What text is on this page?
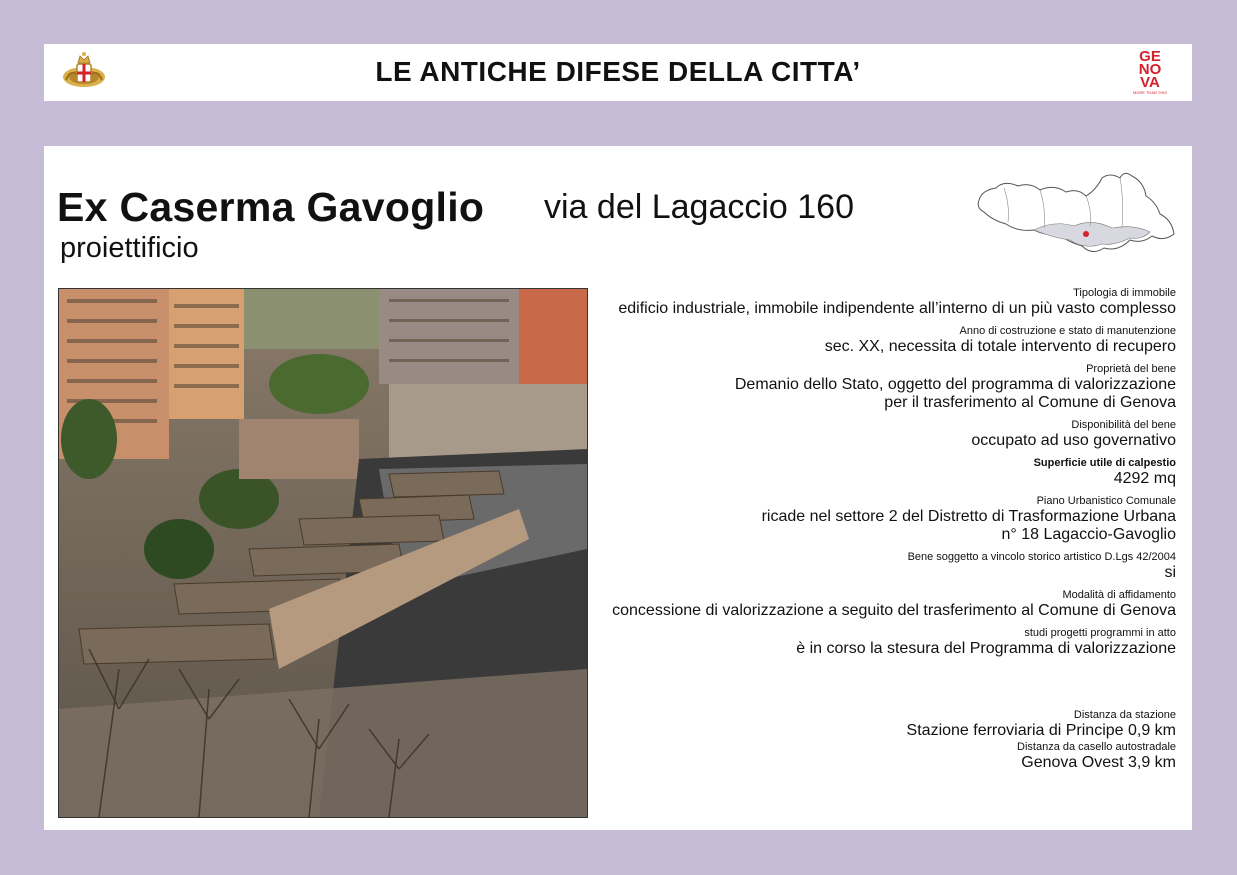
LE ANTICHE DIFESE DELLA CITTA’	GE
NO
VA
MORE THAN THIS
Ex Caserma Gavoglio via del Lagaccio 160
proiettificio
Tipologia di immobile
edificio industriale, immobile indipendente all’interno di un più vasto complesso
Anno di costruzione e stato di manutenzione
sec. XX, necessita di totale intervento di recupero
Proprietà del bene
Demanio dello Stato, oggetto del programma di valorizzazione
per il trasferimento al Comune di Genova
Disponibilità del bene
occupato ad uso governativo
Superficie utile di calpestio
4292 mq
Piano Urbanistico Comunale
ricade nel settore 2 del Distretto di Trasformazione Urbana
n° 18 Lagaccio-Gavoglio
Bene soggetto a vincolo storico artistico D.Lgs 42/2004
si
Modalità di affidamento
concessione di valorizzazione a seguito del trasferimento al Comune di Genova
studi progetti programmi in atto
è in corso la stesura del Programma di valorizzazione
Distanza da stazione
Stazione ferroviaria di Principe 0,9 km
Distanza da casello autostradale
Genova Ovest 3,9 km
